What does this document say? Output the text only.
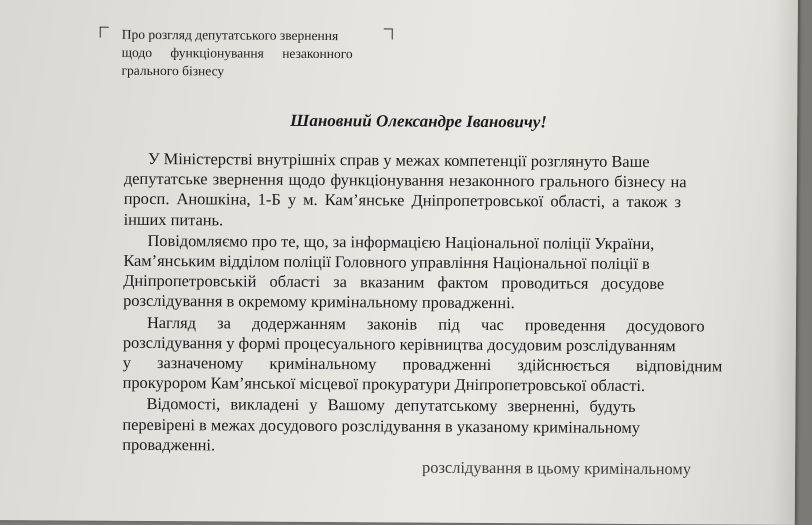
Про розгляд депутатського звернення
щодо функціонування незаконного
грального бізнесу
Шановний Олександре Івановичу!
У Міністерстві внутрішніх справ у межах компетенції розглянуто Ваше
депутатське звернення щодо функціонування незаконного грального бізнесу на
просп. Аношкіна, 1-Б у м. Кам’янське Дніпропетровської області, а також з
інших питань.
Повідомляємо про те, що, за інформацією Національної поліції України,
Кам’янським відділом поліції Головного управління Національної поліції в
Дніпропетровській області за вказаним фактом проводиться досудове
розслідування в окремому кримінальному провадженні.
Нагляд за додержанням законів під час проведення досудового
розслідування у формі процесуального керівництва досудовим розслідуванням
у зазначеному кримінальному провадженні здійснюється відповідним
прокурором Кам’янської місцевої прокуратури Дніпропетровської області.
Відомості, викладені у Вашому депутатському зверненні, будуть
перевірені в межах досудового розслідування в указаному кримінальному
провадженні.
розслідування в цьому кримінальному
